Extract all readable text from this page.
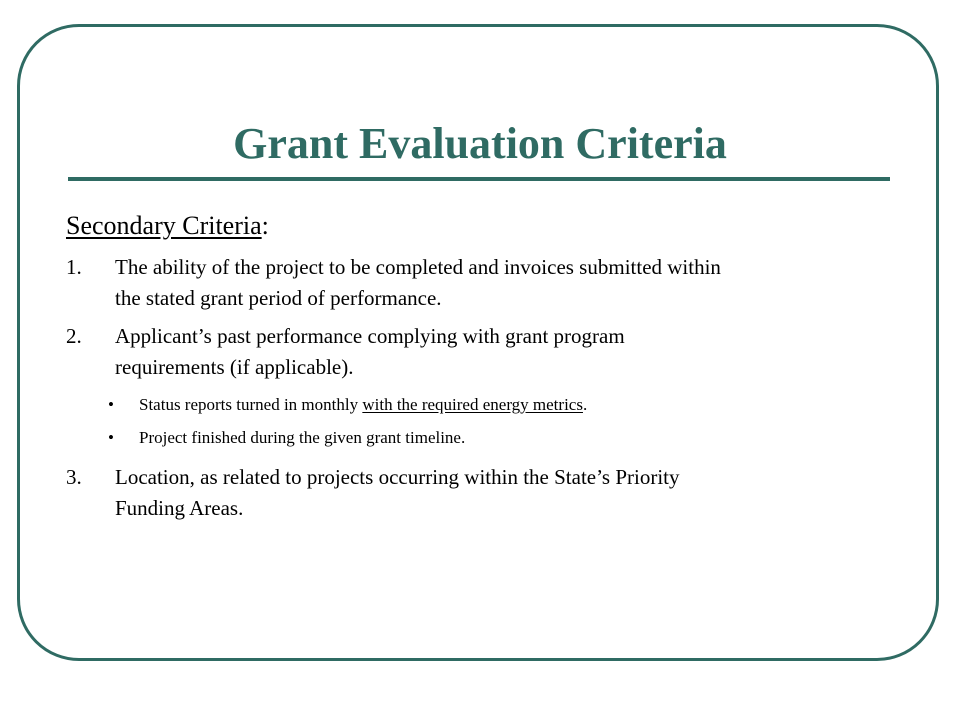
Grant Evaluation Criteria
Secondary Criteria:
1. The ability of the project to be completed and invoices submitted within
the stated grant period of performance.
2. Applicant’s past performance complying with grant program
requirements (if applicable).
• Status reports turned in monthly with the required energy metrics.
• Project finished during the given grant timeline.
3. Location, as related to projects occurring within the State’s Priority
Funding Areas.
